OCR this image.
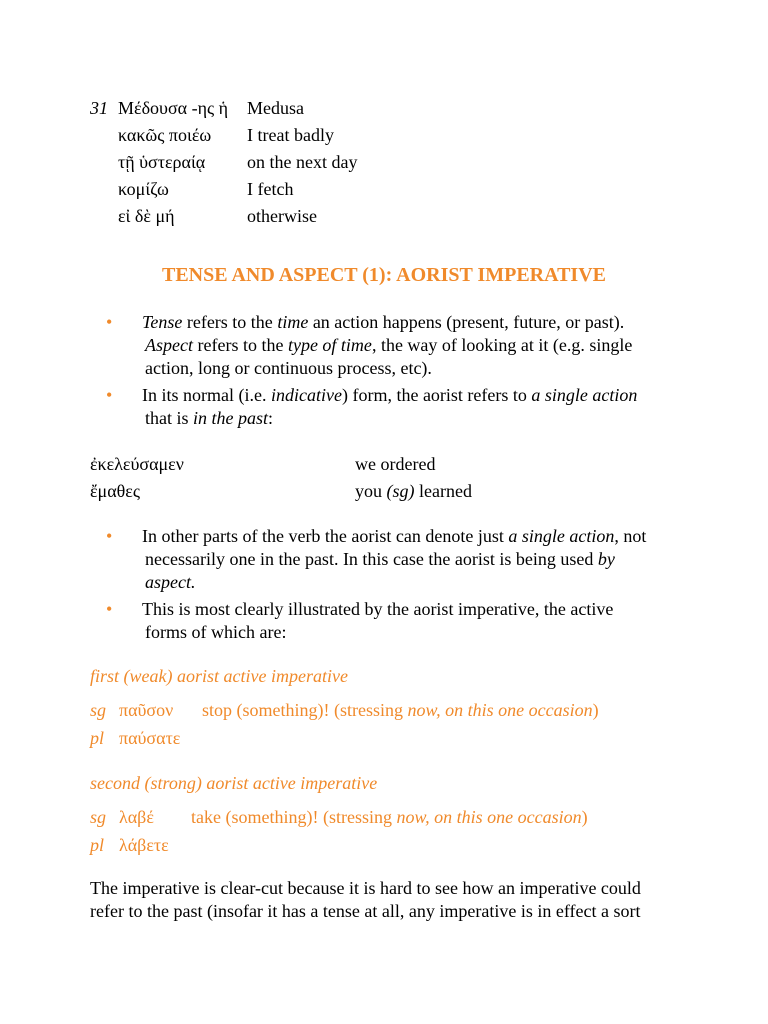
31 Μέδουσα -ης ἡ Medusa
κακῶς ποιέω I treat badly
τῇ ὑστεραίᾳ on the next day
κομίζω	I fetch
εἰ δὲ μή	otherwise
TENSE AND ASPECT (1): AORIST IMPERATIVE
• Tense refers to the time an action happens (present, future, or past).
Aspect refers to the type of time, the way of looking at it (e.g. single
action, long or continuous process, etc).
• In its normal (i.e. indicative) form, the aorist refers to a single action
that is in the past:
ἐκελεύσαμεν	we ordered
ἔμαθες	you (sg) learned
• In other parts of the verb the aorist can denote just a single action, not
necessarily one in the past. In this case the aorist is being used by
aspect.
• This is most clearly illustrated by the aorist imperative, the active
forms of which are:
first (weak) aorist active imperative
sg παῦσον stop (something)! (stressing now, on this one occasion)
pl παύσατε
second (strong) aorist active imperative
sg λαβέ take (something)! (stressing now, on this one occasion)
pl λάβετε
The imperative is clear-cut because it is hard to see how an imperative could
refer to the past (insofar it has a tense at all, any imperative is in effect a sort
